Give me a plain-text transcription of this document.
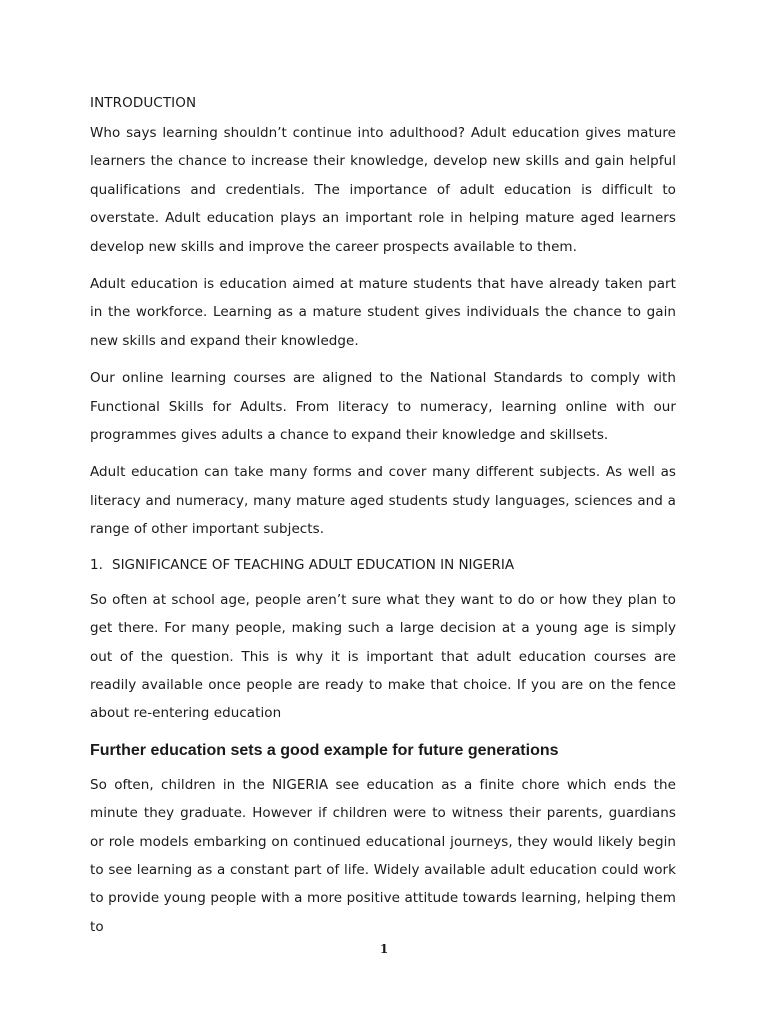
INTRODUCTION

Who says learning shouldn’t continue into adulthood? Adult education gives mature learners the chance to increase their knowledge, develop new skills and gain helpful qualifications and credentials. The importance of adult education is difficult to overstate. Adult education plays an important role in helping mature aged learners develop new skills and improve the career prospects available to them.

Adult education is education aimed at mature students that have already taken part in the workforce. Learning as a mature student gives individuals the chance to gain new skills and expand their knowledge.

Our online learning courses are aligned to the National Standards to comply with Functional Skills for Adults. From literacy to numeracy, learning online with our programmes gives adults a chance to expand their knowledge and skillsets.

Adult education can take many forms and cover many different subjects. As well as literacy and numeracy, many mature aged students study languages, sciences and a range of other important subjects.

1. SIGNIFICANCE OF TEACHING ADULT EDUCATION IN NIGERIA

So often at school age, people aren’t sure what they want to do or how they plan to get there. For many people, making such a large decision at a young age is simply out of the question. This is why it is important that adult education courses are readily available once people are ready to make that choice. If you are on the fence about re-entering education

Further education sets a good example for future generations

So often, children in the NIGERIA see education as a finite chore which ends the minute they graduate. However if children were to witness their parents, guardians or role models embarking on continued educational journeys, they would likely begin to see learning as a constant part of life. Widely available adult education could work to provide young people with a more positive attitude towards learning, helping them to

1
